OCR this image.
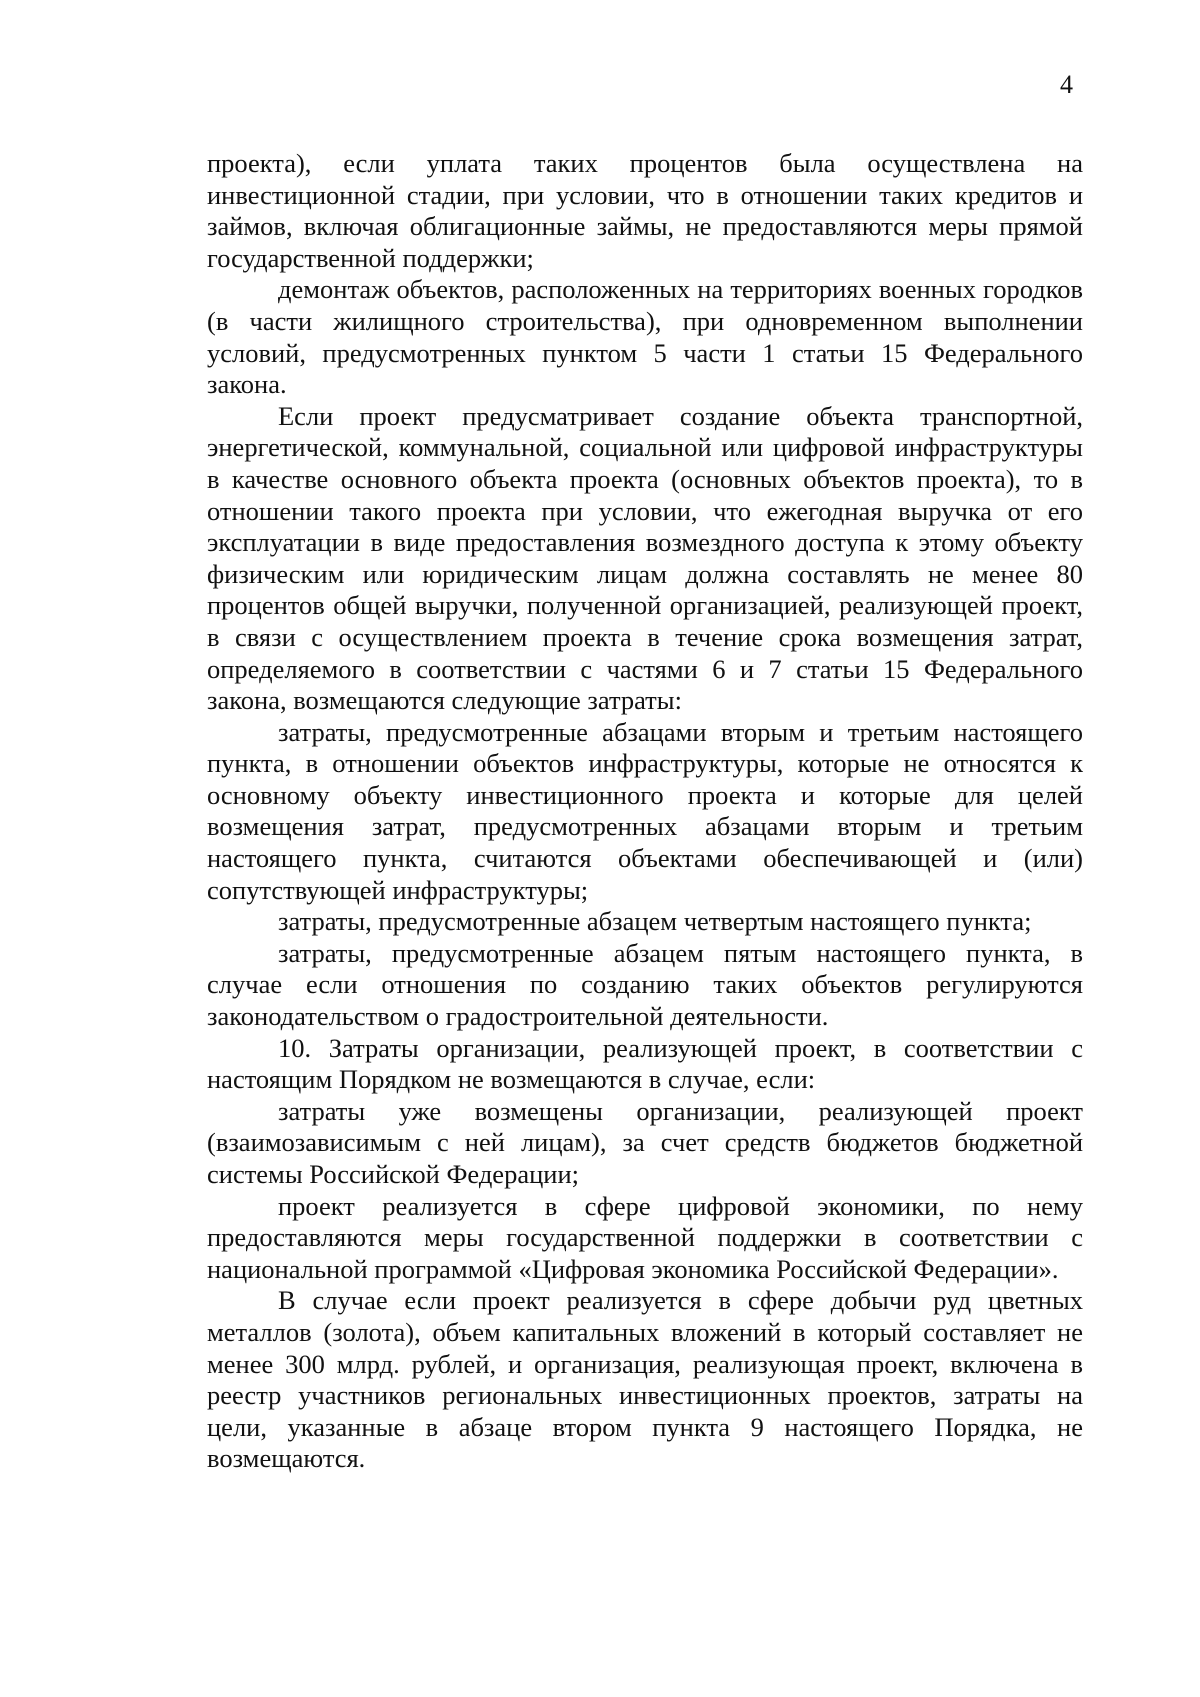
4

проекта), если уплата таких процентов была осуществлена на инвестиционной стадии, при условии, что в отношении таких кредитов и займов, включая облигационные займы, не предоставляются меры прямой государственной поддержки;

демонтаж объектов, расположенных на территориях военных городков (в части жилищного строительства), при одновременном выполнении условий, предусмотренных пунктом 5 части 1 статьи 15 Федерального закона.

Если проект предусматривает создание объекта транспортной, энергетической, коммунальной, социальной или цифровой инфраструктуры в качестве основного объекта проекта (основных объектов проекта), то в отношении такого проекта при условии, что ежегодная выручка от его эксплуатации в виде предоставления возмездного доступа к этому объекту физическим или юридическим лицам должна составлять не менее 80 процентов общей выручки, полученной организацией, реализующей проект, в связи с осуществлением проекта в течение срока возмещения затрат, определяемого в соответствии с частями 6 и 7 статьи 15 Федерального закона, возмещаются следующие затраты:

затраты, предусмотренные абзацами вторым и третьим настоящего пункта, в отношении объектов инфраструктуры, которые не относятся к основному объекту инвестиционного проекта и которые для целей возмещения затрат, предусмотренных абзацами вторым и третьим настоящего пункта, считаются объектами обеспечивающей и (или) сопутствующей инфраструктуры;

затраты, предусмотренные абзацем четвертым настоящего пункта;

затраты, предусмотренные абзацем пятым настоящего пункта, в случае если отношения по созданию таких объектов регулируются законодательством о градостроительной деятельности.

10. Затраты организации, реализующей проект, в соответствии с настоящим Порядком не возмещаются в случае, если:

затраты уже возмещены организации, реализующей проект (взаимозависимым с ней лицам), за счет средств бюджетов бюджетной системы Российской Федерации;

проект реализуется в сфере цифровой экономики, по нему предоставляются меры государственной поддержки в соответствии с национальной программой «Цифровая экономика Российской Федерации».

В случае если проект реализуется в сфере добычи руд цветных металлов (золота), объем капитальных вложений в который составляет не менее 300 млрд. рублей, и организация, реализующая проект, включена в реестр участников региональных инвестиционных проектов, затраты на цели, указанные в абзаце втором пункта 9 настоящего Порядка, не возмещаются.
